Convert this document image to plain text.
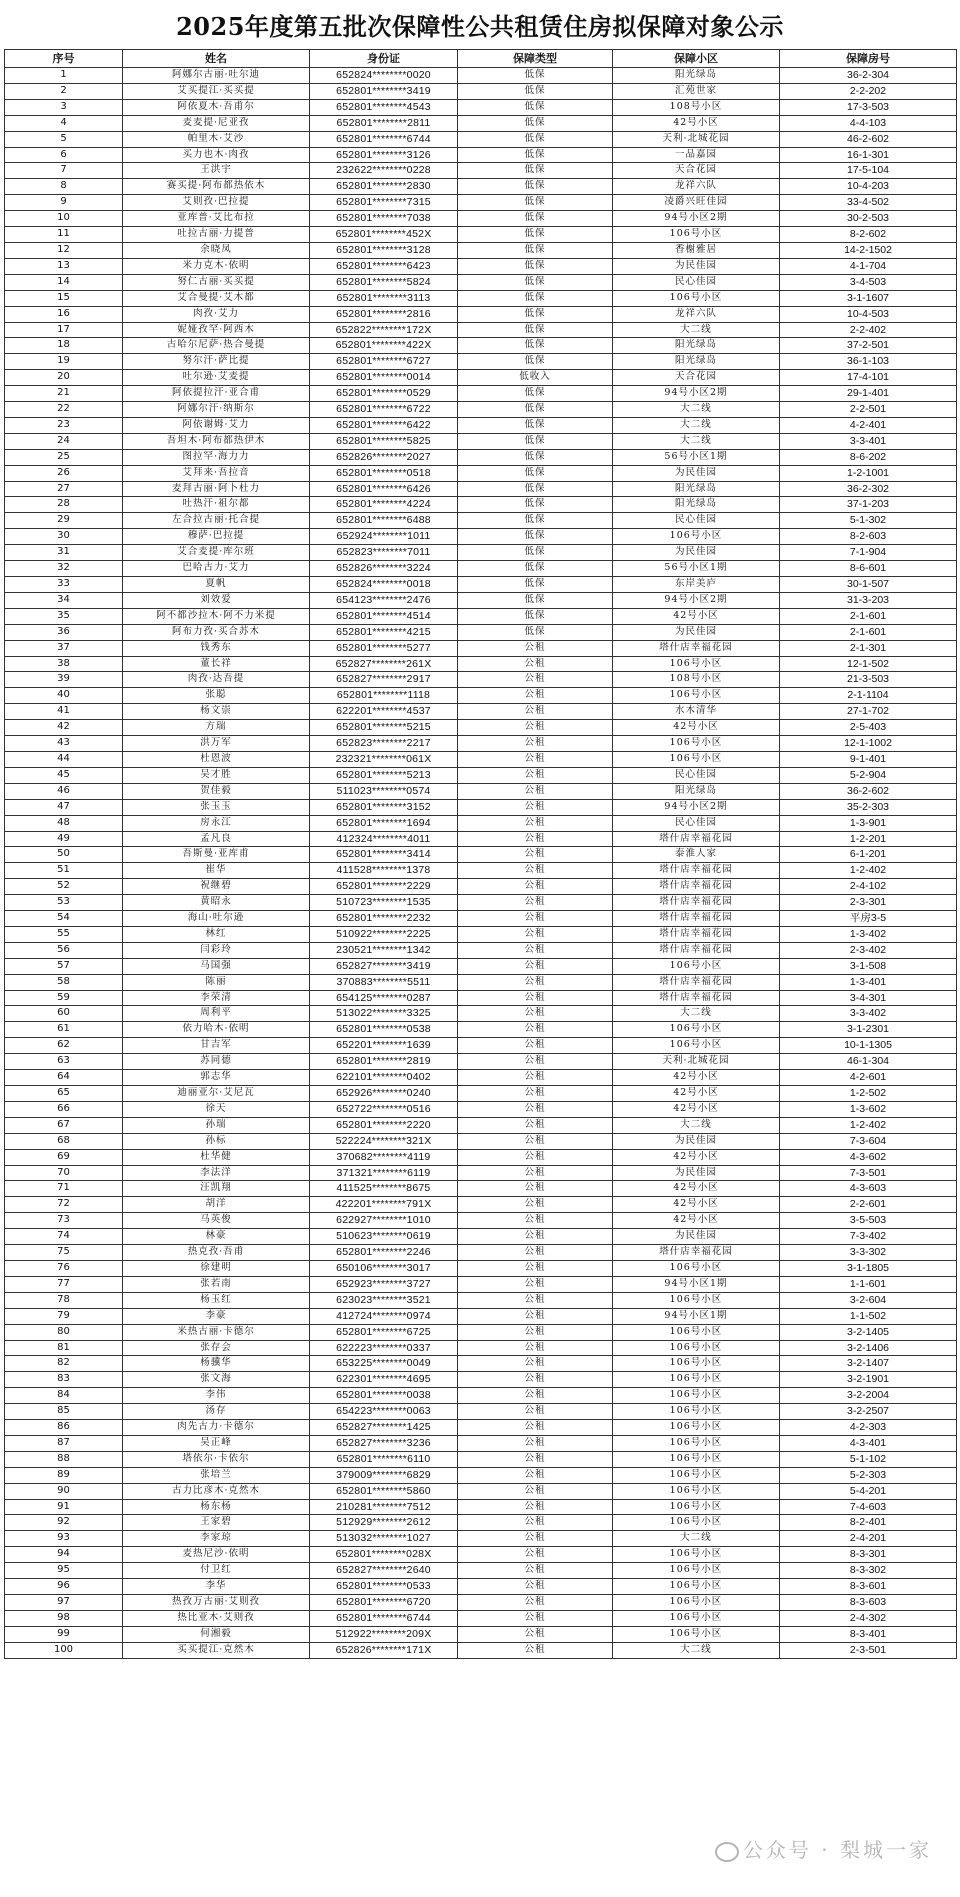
2025年度第五批次保障性公共租赁住房拟保障对象公示
序号	姓名	身份证	保障类型	保障小区	保障房号
1	阿娜尔古丽·吐尔迪	652824********0020	低保	阳光绿岛	36-2-304
2	艾买提江·买买提	652801********3419	低保	汇苑世家	2-2-202
3	阿依夏木·吾甫尔	652801********4543	低保	108号小区	17-3-503
4	麦麦提·尼亚孜	652801********2811	低保	42号小区	4-4-103
5	帕里木·艾沙	652801********6744	低保	天利·北城花园	46-2-602
6	买力也木·肉孜	652801********3126	低保	一品嘉园	16-1-301
7	王洪宇	232622********0228	低保	天合花园	17-5-104
8	赛买提·阿布都热依木	652801********2830	低保	龙祥六队	10-4-203
9	艾则孜·巴拉提	652801********7315	低保	凌爵兴旺佳园	33-4-502
10	亚库普·艾比布拉	652801********7038	低保	94号小区2期	30-2-503
11	吐拉古丽·力提普	652801********452X	低保	106号小区	8-2-602
12	余晓凤	652801********3128	低保	香榭雅居	14-2-1502
13	米力克木·依明	652801********6423	低保	为民佳园	4-1-704
14	努仁古丽·买买提	652801********5824	低保	民心佳园	3-4-503
15	艾合曼提·艾木都	652801********3113	低保	106号小区	3-1-1607
16	肉孜·艾力	652801********2816	低保	龙祥六队	10-4-503
17	妮娅孜罕·阿西木	652822********172X	低保	大二线	2-2-402
18	古哈尔尼萨·热合曼提	652801********422X	低保	阳光绿岛	37-2-501
19	努尔汗·萨比提	652801********6727	低保	阳光绿岛	36-1-103
20	吐尔逊·艾麦提	652801********0014	低收入	天合花园	17-4-101
21	阿依提拉汗·亚合甫	652801********0529	低保	94号小区2期	29-1-401
22	阿娜尔汗·纳斯尔	652801********6722	低保	大二线	2-2-501
23	阿依谢姆·艾力	652801********6422	低保	大二线	4-2-401
24	吾坦木·阿布都热伊木	652801********5825	低保	大二线	3-3-401
25	图拉罕·海力力	652826********2027	低保	56号小区1期	8-6-202
26	艾拜来·吾拉音	652801********0518	低保	为民佳园	1-2-1001
27	麦拜古丽·阿卜杜力	652801********6426	低保	阳光绿岛	36-2-302
28	吐热汗·祖尔都	652801********4224	低保	阳光绿岛	37-1-203
29	左合拉古丽·托合提	652801********6488	低保	民心佳园	5-1-302
30	穆萨·巴拉提	652924********1011	低保	106号小区	8-2-603
31	艾合麦提·库尔班	652823********7011	低保	为民佳园	7-1-904
32	巴哈古力·艾力	652826********3224	低保	56号小区1期	8-6-601
33	夏帆	652824********0018	低保	东岸美庐	30-1-507
34	刘效爱	654123********2476	低保	94号小区2期	31-3-203
35	阿不都沙拉木·阿不力米提	652801********4514	低保	42号小区	2-1-601
36	阿布力孜·买合苏木	652801********4215	低保	为民佳园	2-1-601
37	钱秀东	652801********5277	公租	塔什店幸福花园	2-1-301
38	董长祥	652827********261X	公租	106号小区	12-1-502
39	肉孜·达吾提	652827********2917	公租	108号小区	21-3-503
40	张聪	652801********1118	公租	106号小区	2-1-1104
41	杨文崇	622201********4537	公租	水木清华	27-1-702
42	方瑞	652801********5215	公租	42号小区	2-5-403
43	洪万军	652823********2217	公租	106号小区	12-1-1002
44	杜恩波	232321********061X	公租	106号小区	9-1-401
45	吴才胜	652801********5213	公租	民心佳园	5-2-904
46	贺佳毅	511023********0574	公租	阳光绿岛	36-2-602
47	张玉玉	652801********3152	公租	94号小区2期	35-2-303
48	房永江	652801********1694	公租	民心佳园	1-3-901
49	孟凡良	412324********4011	公租	塔什店幸福花园	1-2-201
50	吾斯曼·亚库甫	652801********3414	公租	泰淮人家	6-1-201
51	崔华	411528********1378	公租	塔什店幸福花园	1-2-402
52	祝继碧	652801********2229	公租	塔什店幸福花园	2-4-102
53	黄昭永	510723********1535	公租	塔什店幸福花园	2-3-301
54	海山·吐尔逊	652801********2232	公租	塔什店幸福花园	平房3-5
55	林红	510922********2225	公租	塔什店幸福花园	1-3-402
56	闫彩玲	230521********1342	公租	塔什店幸福花园	2-3-402
57	马国强	652827********3419	公租	106号小区	3-1-508
58	陈丽	370883********5511	公租	塔什店幸福花园	1-3-401
59	李荣清	654125********0287	公租	塔什店幸福花园	3-4-301
60	周利平	513022********3325	公租	大二线	3-3-402
61	依力哈木·依明	652801********0538	公租	106号小区	3-1-2301
62	甘吉军	652201********1639	公租	106号小区	10-1-1305
63	苏同德	652801********2819	公租	天利·北城花园	46-1-304
64	郭志华	622101********0402	公租	42号小区	4-2-601
65	迪丽亚尔·艾尼瓦	652926********0240	公租	42号小区	1-2-502
66	徐天	652722********0516	公租	42号小区	1-3-602
67	孙瑞	652801********2220	公租	大二线	1-2-402
68	孙标	522224********321X	公租	为民佳园	7-3-604
69	杜华健	370682********4119	公租	42号小区	4-3-602
70	李法洋	371321********6119	公租	为民佳园	7-3-501
71	汪凯翔	411525********8675	公租	42号小区	4-3-603
72	胡洋	422201********791X	公租	42号小区	2-2-601
73	马英俊	622927********1010	公租	42号小区	3-5-503
74	林豪	510623********0619	公租	为民佳园	7-3-402
75	热克孜·吾甫	652801********2246	公租	塔什店幸福花园	3-3-302
76	徐建明	650106********3017	公租	106号小区	3-1-1805
77	张若南	652923********3727	公租	94号小区1期	1-1-601
78	杨玉红	623023********3521	公租	106号小区	3-2-604
79	李豪	412724********0974	公租	94号小区1期	1-1-502
80	米热古丽·卡德尔	652801********6725	公租	106号小区	3-2-1405
81	张存会	622223********0337	公租	106号小区	3-2-1406
82	杨骥华	653225********0049	公租	106号小区	3-2-1407
83	张文海	622301********4695	公租	106号小区	3-2-1901
84	李伟	652801********0038	公租	106号小区	3-2-2004
85	汤存	654223********0063	公租	106号小区	3-2-2507
86	肉先古力·卡德尔	652827********1425	公租	106号小区	4-2-303
87	吴正峰	652827********3236	公租	106号小区	4-3-401
88	塔依尔·卡依尔	652801********6110	公租	106号小区	5-1-102
89	张培兰	379009********6829	公租	106号小区	5-2-303
90	古力比彦木·克然木	652801********5860	公租	106号小区	5-4-201
91	杨东杨	210281********7512	公租	106号小区	7-4-603
92	王家碧	512929********2612	公租	106号小区	8-2-401
93	李家琼	513032********1027	公租	大二线	2-4-201
94	麦热尼沙·依明	652801********028X	公租	106号小区	8-3-301
95	付卫红	652827********2640	公租	106号小区	8-3-302
96	李华	652801********0533	公租	106号小区	8-3-601
97	热孜万古丽·艾则孜	652801********6720	公租	106号小区	8-3-603
98	热比亚木·艾则孜	652801********6744	公租	106号小区	2-4-302
99	何湘毅	512922********209X	公租	106号小区	8-3-401
100	买买提江·克然木	652826********171X	公租	大二线	2-3-501
公众号 · 梨城一家
